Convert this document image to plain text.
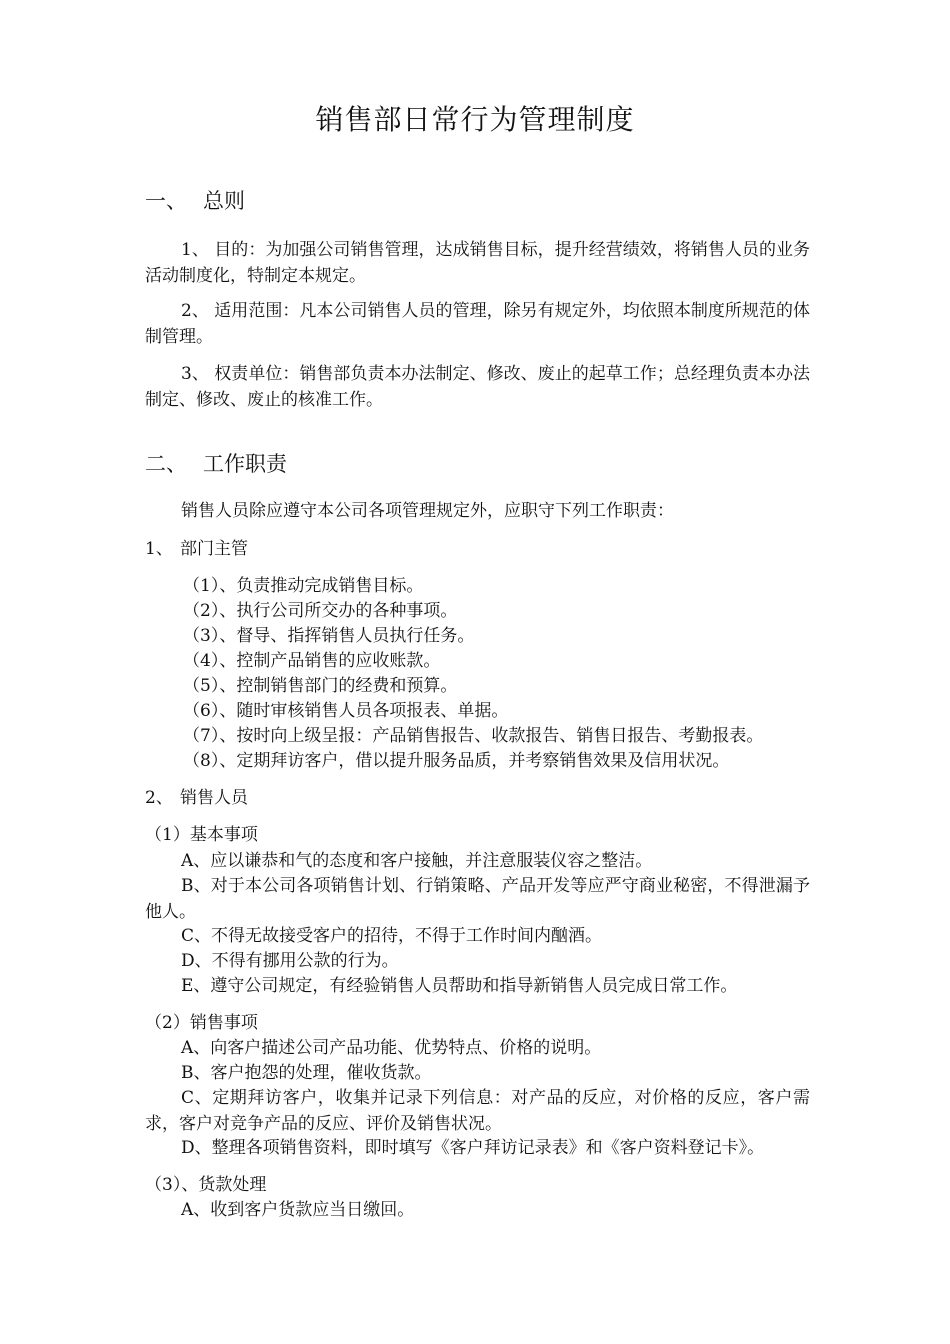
销售部日常行为管理制度
一、 总则
1、 目的：为加强公司销售管理，达成销售目标，提升经营绩效，将销售人员的业务活动制度化，特制定本规定。
2、 适用范围：凡本公司销售人员的管理，除另有规定外，均依照本制度所规范的体制管理。
3、 权责单位：销售部负责本办法制定、修改、废止的起草工作；总经理负责本办法制定、修改、废止的核准工作。
二、 工作职责
销售人员除应遵守本公司各项管理规定外，应职守下列工作职责：
1、 部门主管
（1）、负责推动完成销售目标。
（2）、执行公司所交办的各种事项。
（3）、督导、指挥销售人员执行任务。
（4）、控制产品销售的应收账款。
（5）、控制销售部门的经费和预算。
（6）、随时审核销售人员各项报表、单据。
（7）、按时向上级呈报：产品销售报告、收款报告、销售日报告、考勤报表。
（8）、定期拜访客户，借以提升服务品质，并考察销售效果及信用状况。
2、 销售人员
（1）基本事项
A、应以谦恭和气的态度和客户接触，并注意服装仪容之整洁。
B、对于本公司各项销售计划、行销策略、产品开发等应严守商业秘密，不得泄漏予他人。
C、不得无故接受客户的招待，不得于工作时间内酗酒。
D、不得有挪用公款的行为。
E、遵守公司规定，有经验销售人员帮助和指导新销售人员完成日常工作。
（2）销售事项
A、向客户描述公司产品功能、优势特点、价格的说明。
B、客户抱怨的处理，催收货款。
C、定期拜访客户，收集并记录下列信息：对产品的反应，对价格的反应，客户需求，客户对竞争产品的反应、评价及销售状况。
D、整理各项销售资料，即时填写《客户拜访记录表》和《客户资料登记卡》。
（3）、货款处理
A、收到客户货款应当日缴回。
